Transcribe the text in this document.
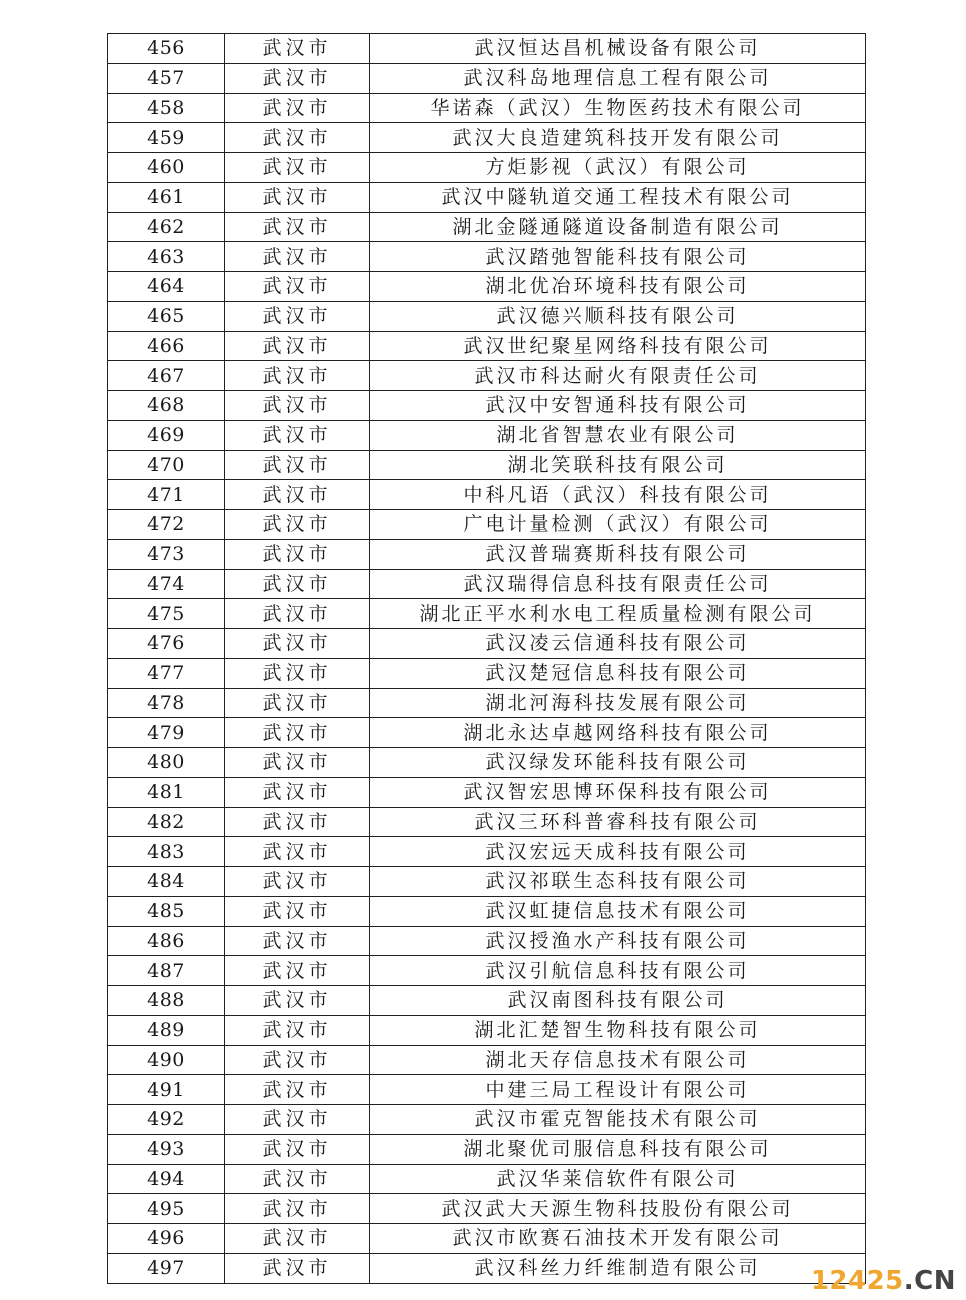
456	武汉市	武汉恒达昌机械设备有限公司
457	武汉市	武汉科岛地理信息工程有限公司
458	武汉市	华诺森（武汉）生物医药技术有限公司
459	武汉市	武汉大良造建筑科技开发有限公司
460	武汉市	方炬影视（武汉）有限公司
461	武汉市	武汉中隧轨道交通工程技术有限公司
462	武汉市	湖北金隧通隧道设备制造有限公司
463	武汉市	武汉踏弛智能科技有限公司
464	武汉市	湖北优冶环境科技有限公司
465	武汉市	武汉德兴顺科技有限公司
466	武汉市	武汉世纪聚星网络科技有限公司
467	武汉市	武汉市科达耐火有限责任公司
468	武汉市	武汉中安智通科技有限公司
469	武汉市	湖北省智慧农业有限公司
470	武汉市	湖北笑联科技有限公司
471	武汉市	中科凡语（武汉）科技有限公司
472	武汉市	广电计量检测（武汉）有限公司
473	武汉市	武汉普瑞赛斯科技有限公司
474	武汉市	武汉瑞得信息科技有限责任公司
475	武汉市	湖北正平水利水电工程质量检测有限公司
476	武汉市	武汉凌云信通科技有限公司
477	武汉市	武汉楚冠信息科技有限公司
478	武汉市	湖北河海科技发展有限公司
479	武汉市	湖北永达卓越网络科技有限公司
480	武汉市	武汉绿发环能科技有限公司
481	武汉市	武汉智宏思博环保科技有限公司
482	武汉市	武汉三环科普睿科技有限公司
483	武汉市	武汉宏远天成科技有限公司
484	武汉市	武汉祁联生态科技有限公司
485	武汉市	武汉虹捷信息技术有限公司
486	武汉市	武汉授渔水产科技有限公司
487	武汉市	武汉引航信息科技有限公司
488	武汉市	武汉南图科技有限公司
489	武汉市	湖北汇楚智生物科技有限公司
490	武汉市	湖北天存信息技术有限公司
491	武汉市	中建三局工程设计有限公司
492	武汉市	武汉市霍克智能技术有限公司
493	武汉市	湖北聚优司服信息科技有限公司
494	武汉市	武汉华莱信软件有限公司
495	武汉市	武汉武大天源生物科技股份有限公司
496	武汉市	武汉市欧赛石油技术开发有限公司
497	武汉市	武汉科丝力纤维制造有限公司 12425.CN
